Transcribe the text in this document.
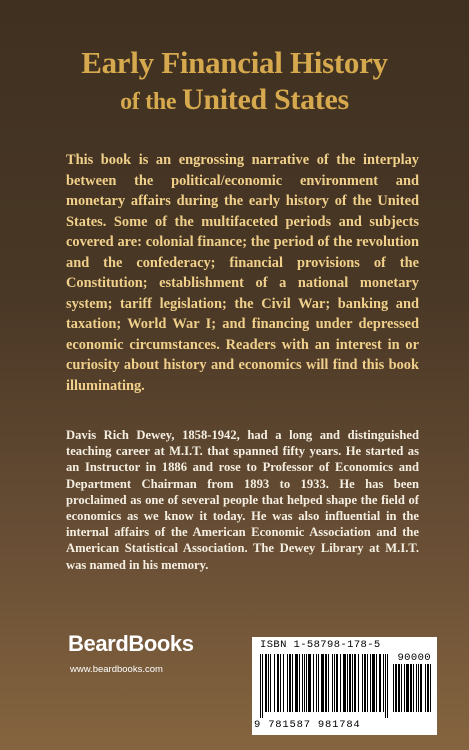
Early Financial History
of the United States

This book is an engrossing narrative of the interplay between the political/economic environment and monetary affairs during the early history of the United States. Some of the multifaceted periods and subjects covered are: colonial finance; the period of the revolution and the confederacy; financial provisions of the Constitution; establishment of a national monetary system; tariff legislation; the Civil War; banking and taxation; World War I; and financing under depressed economic circumstances. Readers with an interest in or curiosity about history and economics will find this book illuminating.

Davis Rich Dewey, 1858-1942, had a long and distinguished teaching career at M.I.T. that spanned fifty years. He started as an Instructor in 1886 and rose to Professor of Economics and Department Chairman from 1893 to 1933. He has been proclaimed as one of several people that helped shape the field of economics as we know it today. He was also influential in the internal affairs of the American Economic Association and the American Statistical Association. The Dewey Library at M.I.T. was named in his memory.

BeardBooks
www.beardbooks.com
ISBN 1-58798-178-5
90000
9 781587 981784
